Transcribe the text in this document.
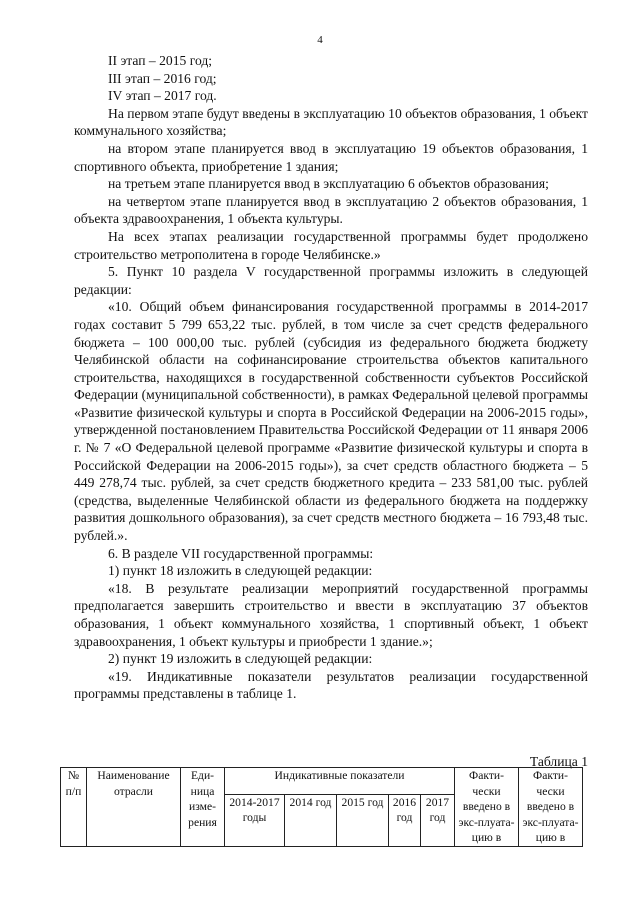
4

II этап – 2015 год;

III этап – 2016 год;

IV этап – 2017 год.

На первом этапе будут введены в эксплуатацию 10 объектов образования, 1 объект коммунального хозяйства;

на втором этапе планируется ввод в эксплуатацию 19 объектов образования, 1 спортивного объекта, приобретение 1 здания;

на третьем этапе планируется ввод в эксплуатацию 6 объектов образования;

на четвертом этапе планируется ввод в эксплуатацию 2 объектов образования, 1 объекта здравоохранения, 1 объекта культуры.

На всех этапах реализации государственной программы будет продолжено строительство метрополитена в городе Челябинске.»

5. Пункт 10 раздела V государственной программы изложить в следующей редакции:

«10. Общий объем финансирования государственной программы в 2014-2017 годах составит 5 799 653,22 тыс. рублей, в том числе за счет средств федерального бюджета – 100 000,00 тыс. рублей (субсидия из федерального бюджета бюджету Челябинской области на софинансирование строительства объектов капитального строительства, находящихся в государственной собственности субъектов Российской Федерации (муниципальной собственности), в рамках Федеральной целевой программы «Развитие физической культуры и спорта в Российской Федерации на 2006-2015 годы», утвержденной постановлением Правительства Российской Федерации от 11 января 2006 г. № 7 «О Федеральной целевой программе «Развитие физической культуры и спорта в Российской Федерации на 2006-2015 годы»), за счет средств областного бюджета – 5 449 278,74 тыс. рублей, за счет средств бюджетного кредита – 233 581,00 тыс. рублей (средства, выделенные Челябинской области из федерального бюджета на поддержку развития дошкольного образования), за счет средств местного бюджета – 16 793,48 тыс. рублей.».

6. В разделе VII государственной программы:

1) пункт 18 изложить в следующей редакции:

«18. В результате реализации мероприятий государственной программы предполагается завершить строительство и ввести в эксплуатацию 37 объектов образования, 1 объект коммунального хозяйства, 1 спортивный объект, 1 объект здравоохранения, 1 объект культуры и приобрести 1 здание.»;

2) пункт 19 изложить в следующей редакции:

«19. Индикативные показатели результатов реализации государственной программы представлены в таблице 1.

Таблица 1
№ п/п	Наименование отрасли	Еди-ница изме-рения	Индикативные показатели					Факти-чески введено в экс-плуата-цию в	Факти-чески введено в экс-плуата-цию в
			2014-2017 годы	2014 год	2015 год	2016 год	2017 год		
